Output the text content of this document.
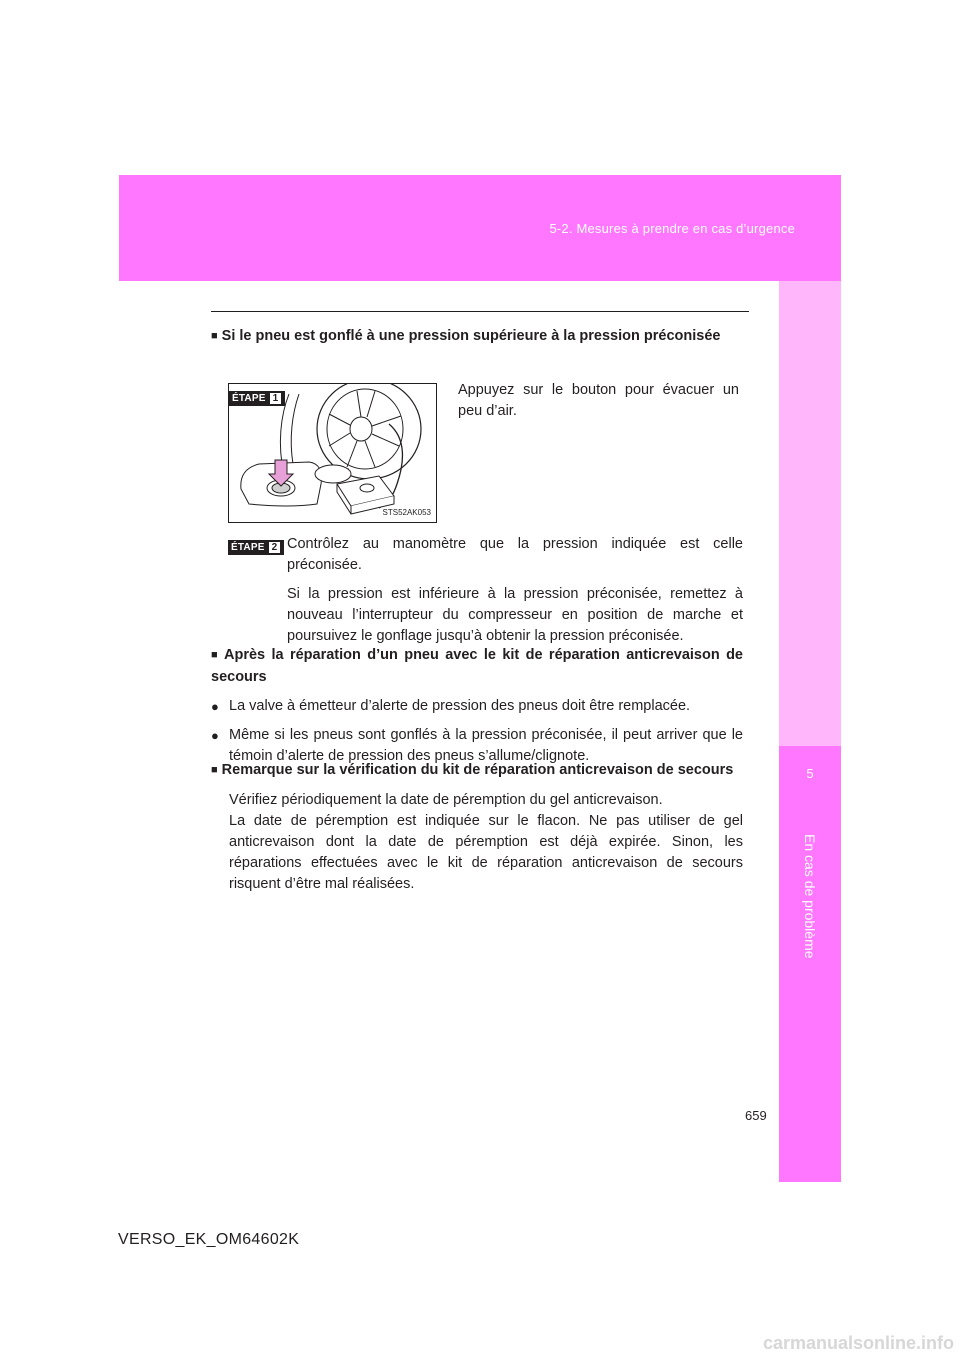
5-2. Mesures à prendre en cas d’urgence
5
En cas de problème
■ Si le pneu est gonflé à une pression supérieure à la pression préconisée
ÉTAPE 1
STS52AK053
Appuyez sur le bouton pour évacuer un peu d’air.
ÉTAPE 2 Contrôlez au manomètre que la pression indiquée est celle préconisée.
Si la pression est inférieure à la pression préconisée, remettez à nouveau l’interrupteur du compresseur en position de marche et poursuivez le gonflage jusqu’à obtenir la pression préconisée.
■ Après la réparation d’un pneu avec le kit de réparation anticrevaison de secours
● La valve à émetteur d’alerte de pression des pneus doit être remplacée.
● Même si les pneus sont gonflés à la pression préconisée, il peut arriver que le témoin d’alerte de pression des pneus s’allume/clignote.
■ Remarque sur la vérification du kit de réparation anticrevaison de secours
Vérifiez périodiquement la date de péremption du gel anticrevaison.
La date de péremption est indiquée sur le flacon. Ne pas utiliser de gel anticrevaison dont la date de péremption est déjà expirée. Sinon, les réparations effectuées avec le kit de réparation anticrevaison de secours risquent d’être mal réalisées.
659
VERSO_EK_OM64602K
carmanualsonline.info
